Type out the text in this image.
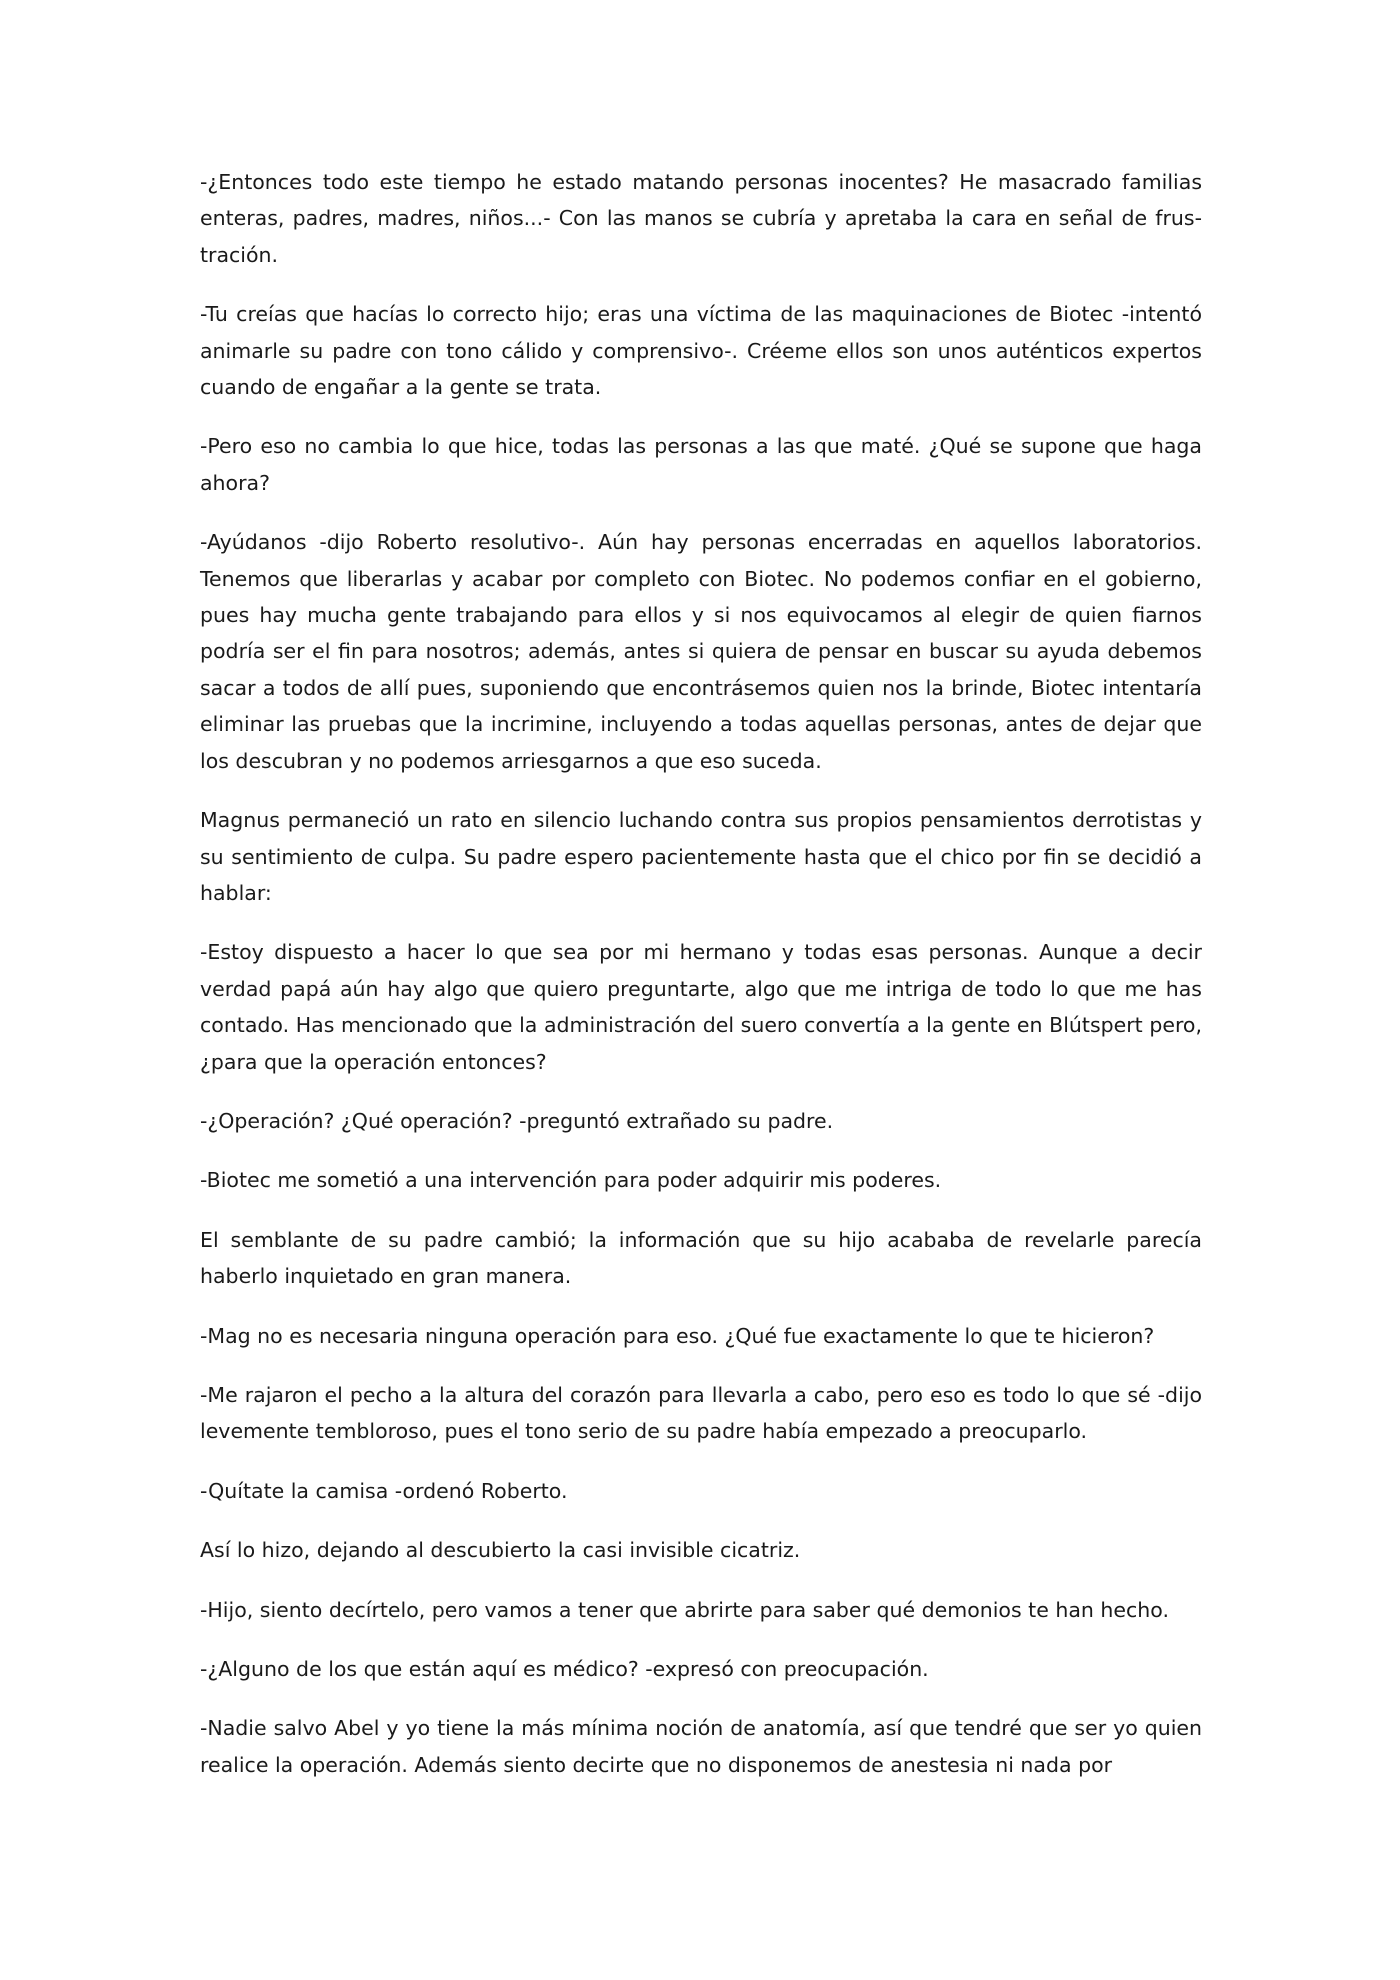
-¿Entonces todo este tiempo he estado matando personas inocentes? He masacrado familias enteras, padres, madres, niños...- Con las manos se cubría y apretaba la cara en señal de frustración.

-Tu creías que hacías lo correcto hijo; eras una víctima de las maquinaciones de Biotec -intentó animarle su padre con tono cálido y comprensivo-. Créeme ellos son unos auténticos expertos cuando de engañar a la gente se trata.

-Pero eso no cambia lo que hice, todas las personas a las que maté. ¿Qué se supone que haga ahora?

-Ayúdanos -dijo Roberto resolutivo-. Aún hay personas encerradas en aquellos laboratorios. Tenemos que liberarlas y acabar por completo con Biotec. No podemos confiar en el gobierno, pues hay mucha gente trabajando para ellos y si nos equivocamos al elegir de quien fiarnos podría ser el fin para nosotros; además, antes si quiera de pensar en buscar su ayuda debemos sacar a todos de allí pues, suponiendo que encontrásemos quien nos la brinde, Biotec intentaría eliminar las pruebas que la incrimine, incluyendo a todas aquellas personas, antes de dejar que los descubran y no podemos arriesgarnos a que eso suceda.

Magnus permaneció un rato en silencio luchando contra sus propios pensamientos derrotistas y su sentimiento de culpa. Su padre espero pacientemente hasta que el chico por fin se decidió a hablar:

-Estoy dispuesto a hacer lo que sea por mi hermano y todas esas personas. Aunque a decir verdad papá aún hay algo que quiero preguntarte, algo que me intriga de todo lo que me has contado. Has mencionado que la administración del suero convertía a la gente en Blútspert pero, ¿para que la operación entonces?

-¿Operación? ¿Qué operación? -preguntó extrañado su padre.

-Biotec me sometió a una intervención para poder adquirir mis poderes.

El semblante de su padre cambió; la información que su hijo acababa de revelarle parecía haberlo inquietado en gran manera.

-Mag no es necesaria ninguna operación para eso. ¿Qué fue exactamente lo que te hicieron?

-Me rajaron el pecho a la altura del corazón para llevarla a cabo, pero eso es todo lo que sé -dijo levemente tembloroso, pues el tono serio de su padre había empezado a preocuparlo.

-Quítate la camisa -ordenó Roberto.

Así lo hizo, dejando al descubierto la casi invisible cicatriz.

-Hijo, siento decírtelo, pero vamos a tener que abrirte para saber qué demonios te han hecho.

-¿Alguno de los que están aquí es médico? -expresó con preocupación.

-Nadie salvo Abel y yo tiene la más mínima noción de anatomía, así que tendré que ser yo quien realice la operación. Además siento decirte que no disponemos de anestesia ni nada por
